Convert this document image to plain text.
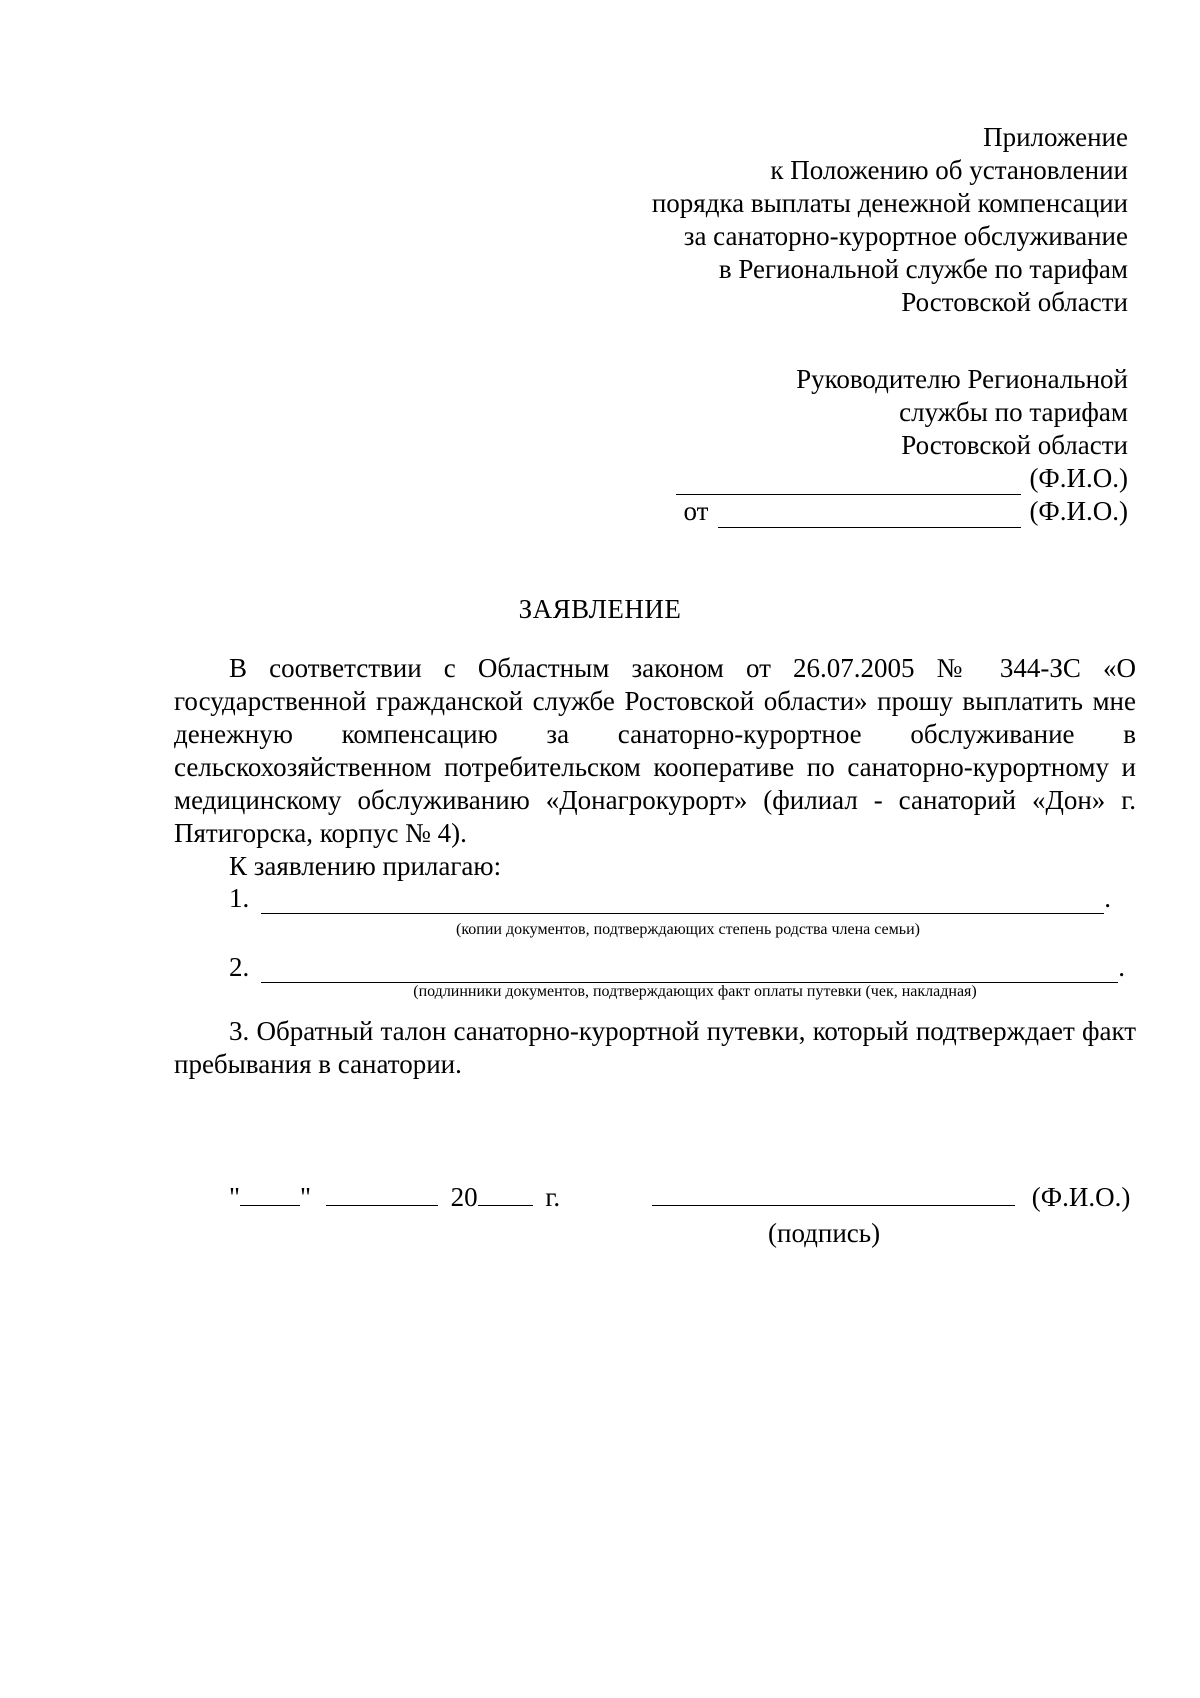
Приложение
к Положению об установлении
порядка выплаты денежной компенсации
за санаторно-курортное обслуживание
в Региональной службе по тарифам
Ростовской области
Руководителю Региональной
службы по тарифам
Ростовской области
(Ф.И.О.)
от	(Ф.И.О.)
ЗАЯВЛЕНИЕ

В соответствии с Областным законом от 26.07.2005 № 344-ЗС «О государственной гражданской службе Ростовской области» прошу выплатить мне денежную компенсацию за санаторно-курортное обслуживание в сельскохозяйственном потребительском кооперативе по санаторно-курортному и медицинскому обслуживанию «Донагрокурорт» (филиал - санаторий «Дон» г. Пятигорска, корпус № 4).

К заявлению прилагаю:

1.	.
(копии документов, подтверждающих степень родства члена семьи)
2.	.
(подлинники документов, подтверждающих факт оплаты путевки (чек, накладная)

3. Обратный талон санаторно-курортной путевки, который подтверждает факт пребывания в санатории.

" "	20	г.	(Ф.И.О.)
(подпись)
